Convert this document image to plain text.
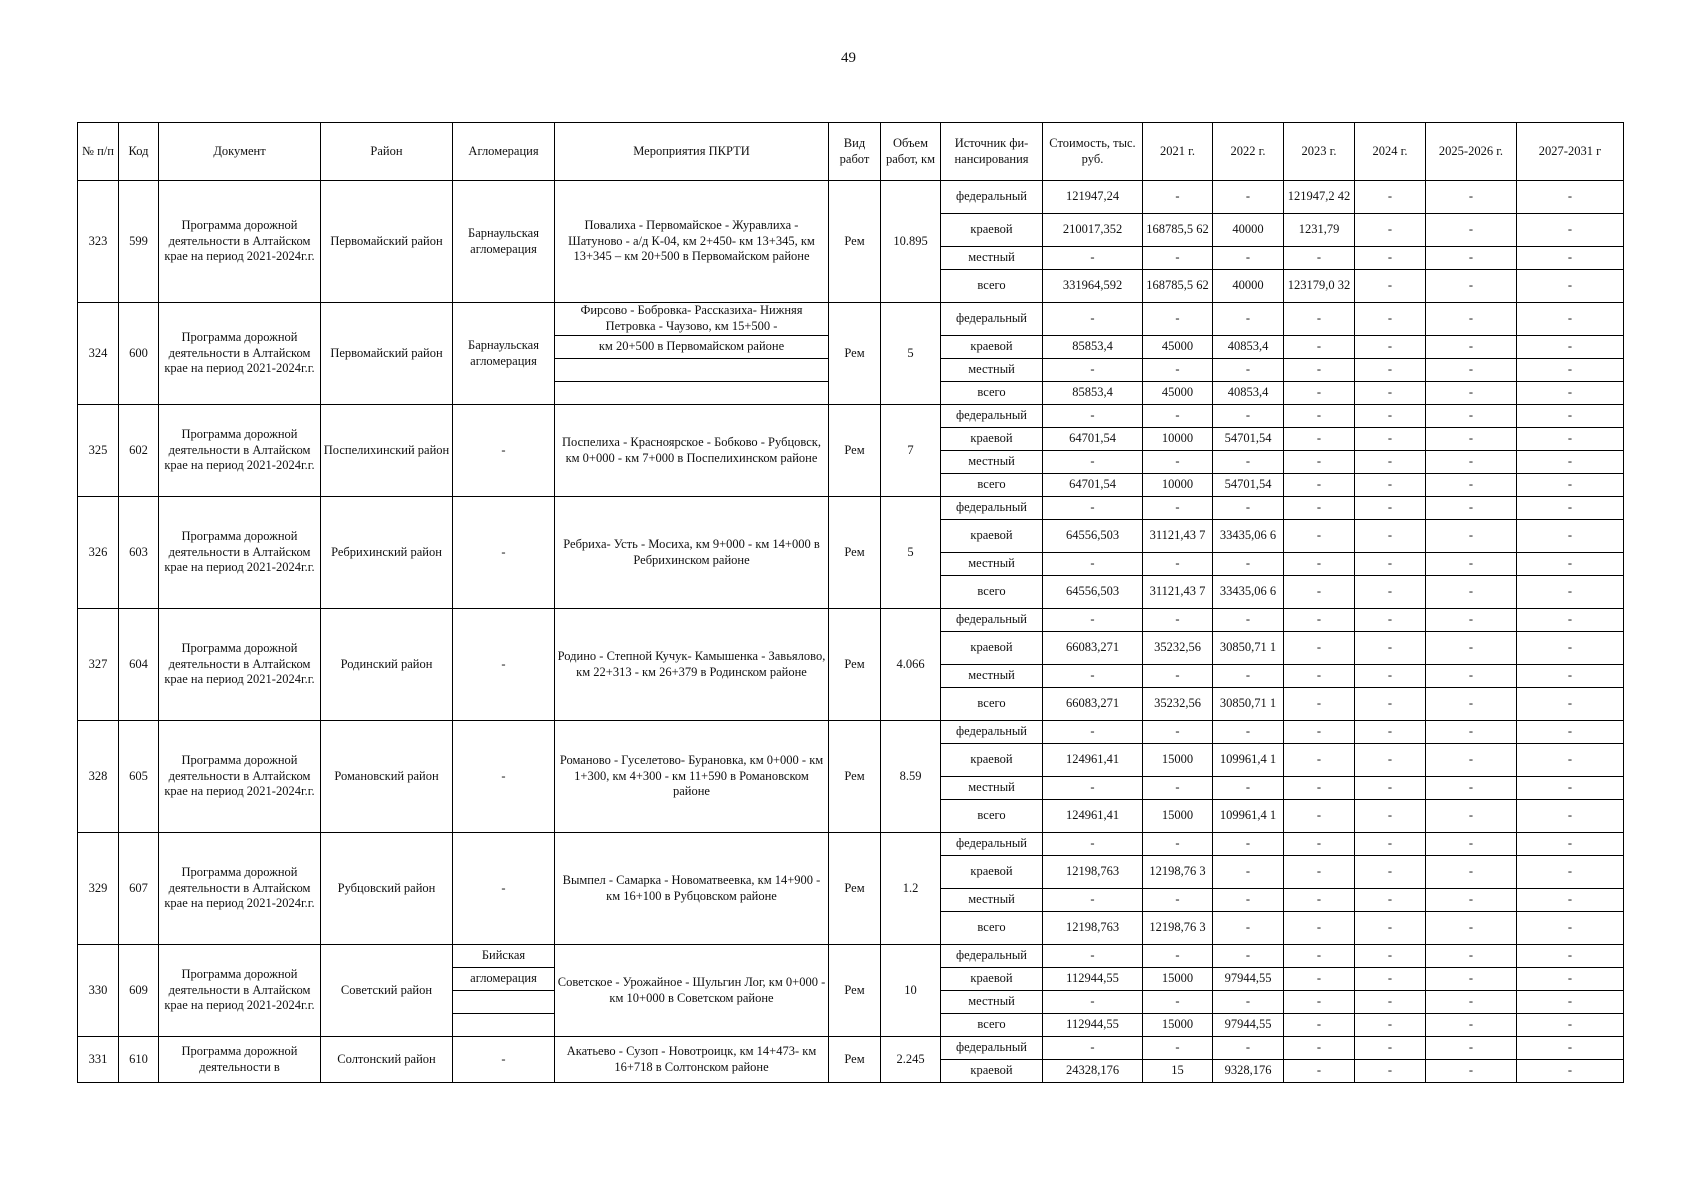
49
№ п/п	Код	Документ	Район	Агломерация	Мероприятия ПКРТИ	Вид работ	Объем работ, км	Источник фи-нансирования	Стоимость, тыс. руб.	2021 г.	2022 г.	2023 г.	2024 г.	2025-2026 г.	2027-2031 г
323	599	Программа дорожной деятельности в Алтайском крае на период 2021-2024г.г.	Первомайский район	Барнаульская агломерация	Повалиха - Первомайское - Журавлиха - Шатуново - а/д К-04, км 2+450- км 13+345, км 13+345 – км 20+500 в Первомайском районе	Рем	10.895	федеральный	121947,24	-	-	121947,2 42	-	-	-
								краевой	210017,352	168785,5 62	40000	1231,79	-	-	-
								местный	-	-	-	-	-	-	-
								всего	331964,592	168785,5 62	40000	123179,0 32	-	-	-
324	600	Программа дорожной деятельности в Алтайском крае на период 2021-2024г.г.	Первомайский район	Барнаульская агломерация	Фирсово - Бобровка- Рассказиха- Нижняя Петровка - Чаузово, км 15+500 -	Рем	5	федеральный	-	-	-	-	-	-	-

					км 20+500 в Первомайском районе			краевой	85853,4	45000	40853,4	-	-	-	-
								местный	-	-	-	-	-	-	-
								всего	85853,4	45000	40853,4	-	-	-	-
325	602	Программа дорожной деятельности в Алтайском крае на период 2021-2024г.г.	Поспелихинский район	-	Поспелиха - Красноярское - Бобково - Рубцовск, км 0+000 - км 7+000 в Поспелихинском районе	Рем	7	федеральный	-	-	-	-	-	-	-
								краевой	64701,54	10000	54701,54	-	-	-	-
								местный	-	-	-	-	-	-	-
								всего	64701,54	10000	54701,54	-	-	-	-
326	603	Программа дорожной деятельности в Алтайском крае на период 2021-2024г.г.	Ребрихинский район	-	Ребриха- Усть - Мосиха, км 9+000 - км 14+000 в Ребрихинском районе	Рем	5	федеральный	-	-	-	-	-	-	-
								краевой	64556,503	31121,43 7	33435,06 6	-	-	-	-
								местный	-	-	-	-	-	-	-
								всего	64556,503	31121,43 7	33435,06 6	-	-	-	-
327	604	Программа дорожной деятельности в Алтайском крае на период 2021-2024г.г.	Родинский район	-	Родино - Степной Кучук- Камышенка - Завьялово, км 22+313 - км 26+379 в Родинском районе	Рем	4.066	федеральный	-	-	-	-	-	-	-
								краевой	66083,271	35232,56	30850,71 1	-	-	-	-
								местный	-	-	-	-	-	-	-
								всего	66083,271	35232,56	30850,71 1	-	-	-	-
328	605	Программа дорожной деятельности в Алтайском крае на период 2021-2024г.г.	Романовский район	-	Романово - Гуселетово- Бурановка, км 0+000 - км 1+300, км 4+300 - км 11+590 в Романовском районе	Рем	8.59	федеральный	-	-	-	-	-	-	-
								краевой	124961,41	15000	109961,4 1	-	-	-	-
								местный	-	-	-	-	-	-	-
								всего	124961,41	15000	109961,4 1	-	-	-	-
329	607	Программа дорожной деятельности в Алтайском крае на период 2021-2024г.г.	Рубцовский район	-	Вымпел - Самарка - Новоматвеевка, км 14+900 - км 16+100 в Рубцовском районе	Рем	1.2	федеральный	-	-	-	-	-	-	-
								краевой	12198,763	12198,76 3	-	-	-	-	-
								местный	-	-	-	-	-	-	-
								всего	12198,763	12198,76 3	-	-	-	-	-
330	609	Программа дорожной деятельности в Алтайском крае на период 2021-2024г.г.	Советский район	Бийская	Советское - Урожайное - Шульгин Лог, км 0+000 - км 10+000 в Советском районе	Рем	10	федеральный	-	-	-	-	-	-	-
				агломерация				краевой	112944,55	15000	97944,55	-	-	-	-
								местный	-	-	-	-	-	-	-
								всего	112944,55	15000	97944,55	-	-	-	-

331	610	Программа дорожной деятельности в	Солтонский район	-	Акатьево - Сузоп - Новотроицк, км 14+473- км 16+718 в Солтонском районе	Рем	2.245	федеральный	-	-	-	-	-	-	-
								краевой	24328,176	15	9328,176	-	-	-	-
